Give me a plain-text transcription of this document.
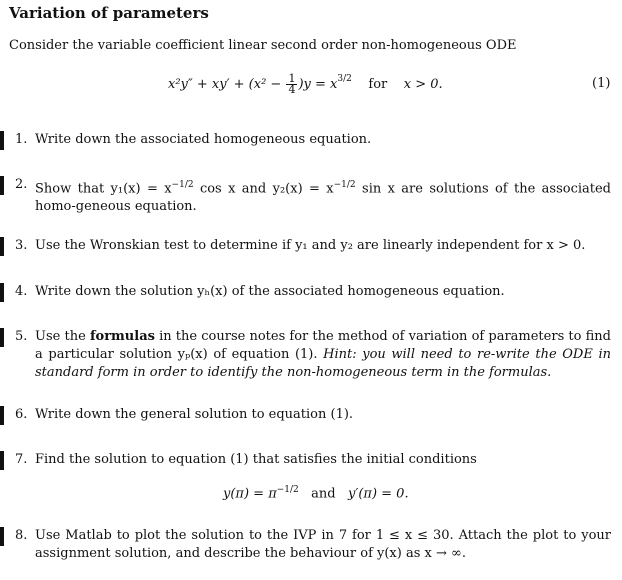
Variation of parameters

Consider the variable coefficient linear second order non-homogeneous ODE

$x^2y'' + xy' + (x^2 - \frac{1}{4} )y = x^{3/2}$ for x > 0.	(1)
1. Write down the associated homogeneous equation.
2. Show that $y_1(x) = x^{-1/2}$ cos x and $y_2(x) = x^{-1/2}$ sin x are solutions of the associated homo-geneous equation.
3. Use the Wronskian test to determine if y₁ and y₂ are linearly independent for x > 0.
4. Write down the solution yₕ(x) of the associated homogeneous equation.
5. Use the formulas in the course notes for the method of variation of parameters to find a particular solution yₚ(x) of equation (1). Hint: you will need to re-write the ODE in standard form in order to identify the non-homogeneous term in the formulas.
6. Write down the general solution to equation (1).
7. Find the solution to equation (1) that satisfies the initial conditions
$y(\pi) = \pi^{-1/2}$ and y′(π) = 0.
8. Use Matlab to plot the solution to the IVP in 7 for 1 ≤ x ≤ 30. Attach the plot to your assignment solution, and describe the behaviour of y(x) as x → ∞.
